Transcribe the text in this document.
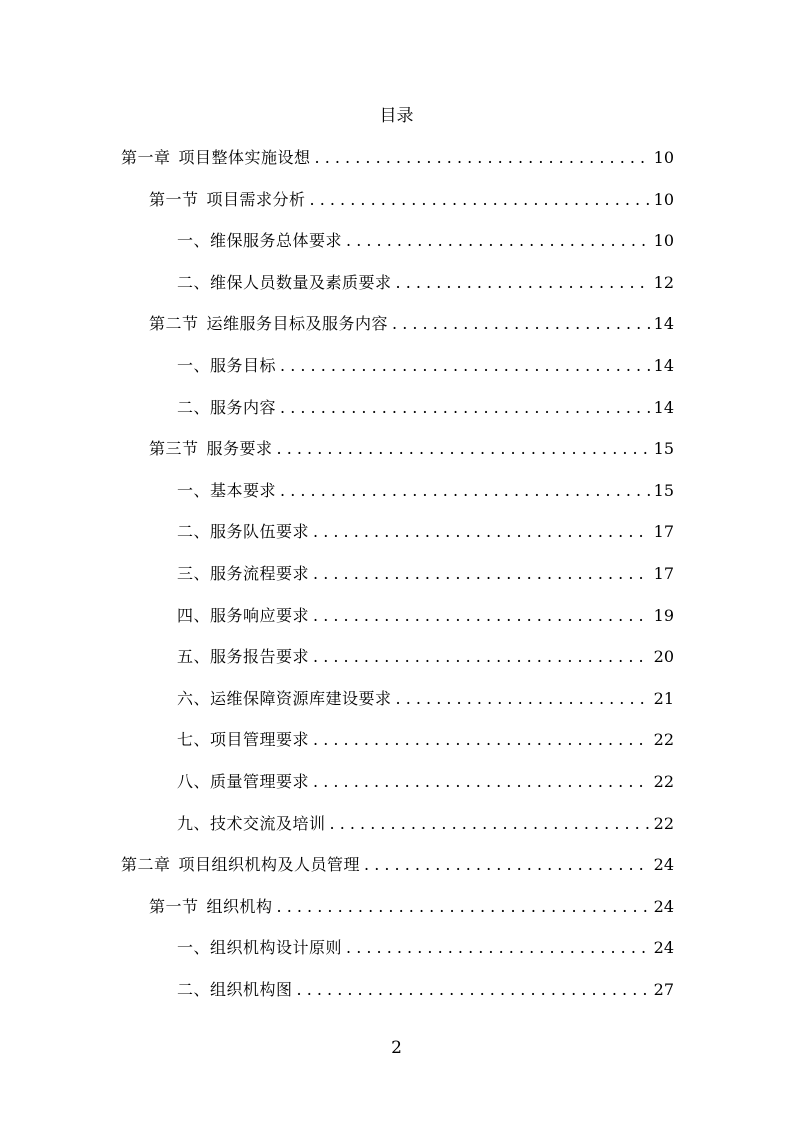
目录
第一章 项目整体实施设想 . . .	10
第一节 项目需求分析 . . .	10
一、维保服务总体要求 . . .	10
二、维保人员数量及素质要求 . . .	12
第二节 运维服务目标及服务内容 . . .	14
一、服务目标 . . .	14
二、服务内容 . . .	14
第三节 服务要求 . . .	15
一、基本要求 . . .	15
二、服务队伍要求 . . .	17
三、服务流程要求 . . .	17
四、服务响应要求 . . .	19
五、服务报告要求 . . .	20
六、运维保障资源库建设要求 . . .	21
七、项目管理要求 . . .	22
八、质量管理要求 . . .	22
九、技术交流及培训 . . .	22
第二章 项目组织机构及人员管理 . . .	24
第一节 组织机构 . . .	24
一、组织机构设计原则 . . .	24
二、组织机构图 . . .	27
2
